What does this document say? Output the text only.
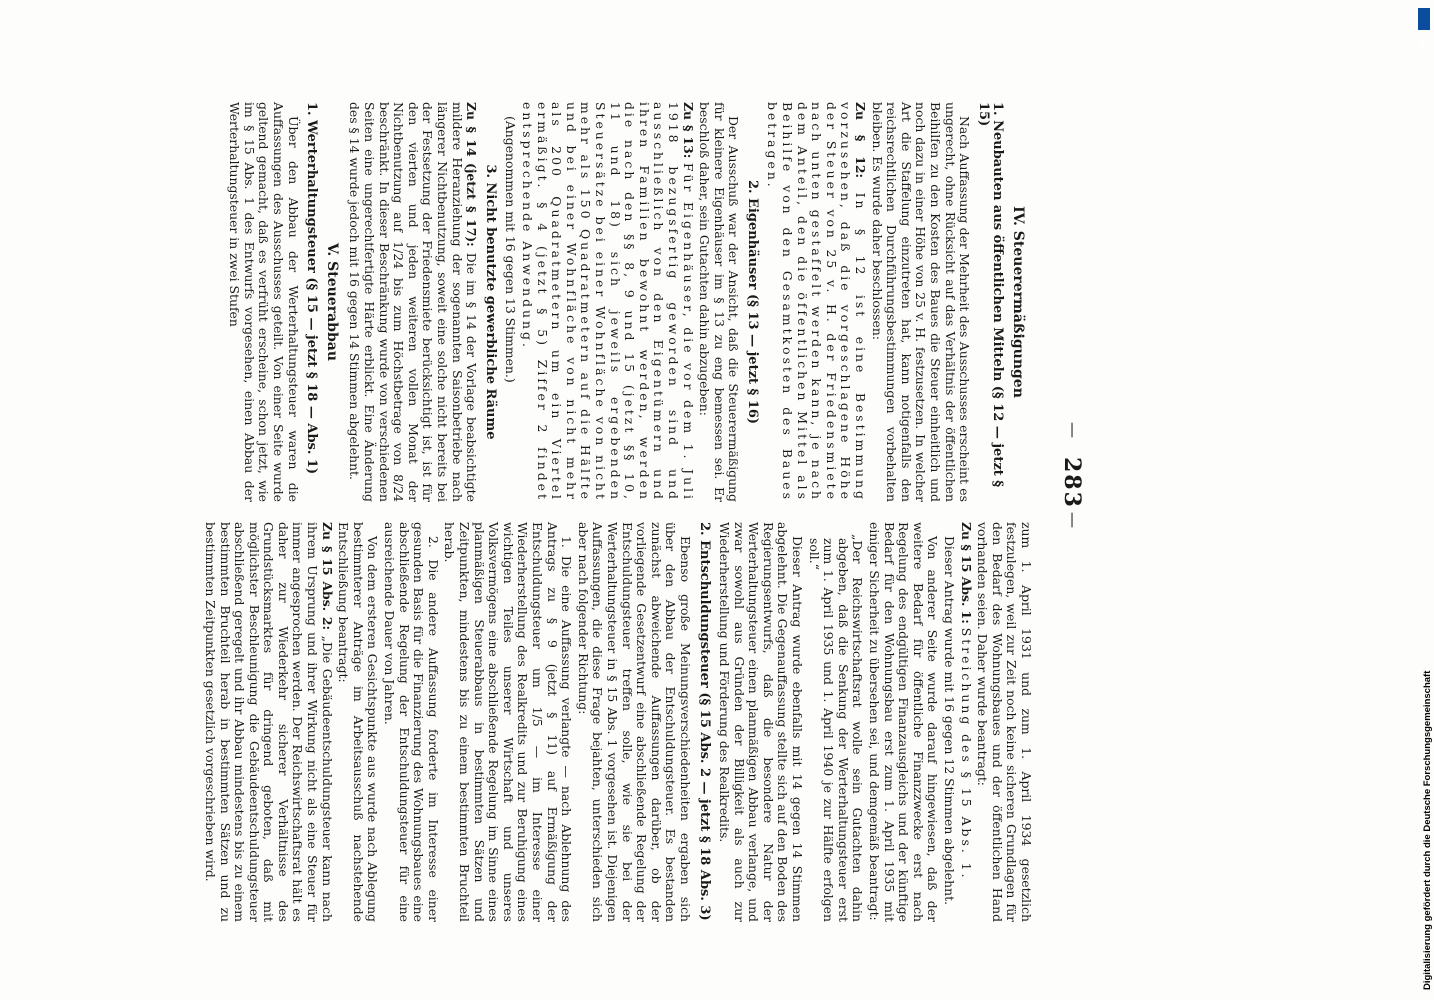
—
283
—
IV. Steuerermäßigungen
1. Neubauten aus öffentlichen Mitteln (§ 12 — jetzt § 15)

Nach Auffassung der Mehrheit des Ausschusses erscheint es ungerecht, ohne Rücksicht auf das Verhältnis der öffentlichen Beihilfen zu den Kosten des Baues die Steuer einheitlich und noch dazu in einer Höhe von 25 v. H. festzusetzen. In welcher Art die Staffelung einzutreten hat, kann notigenfalls den reichsrechtlichen Durchführungsbestimmungen vorbehalten bleiben. Es wurde daher beschlossen:

Zu § 12: In § 12 ist eine Bestimmung vorzusehen, daß die vorgeschlagene Höhe der Steuer von 25 v. H. der Friedensmiete nach unten gestaffelt werden kann, je nach dem Anteil, den die öffentlichen Mittel als Beihilfe von den Gesamtkosten des Baues betragen.

2. Eigenhäuser (§ 13 — jetzt § 16)

Der Ausschuß war der Ansicht, daß die Steuerermäßigung für kleinere Eigenhäuser im § 13 zu eng bemessen sei. Er beschloß daher, sein Gutachten dahin abzugeben:

Zu § 13: Für Eigenhäuser, die vor dem 1. Juli 1918 bezugsfertig geworden sind und ausschließlich von den Eigentümern und ihren Familien bewohnt werden, werden die nach den §§ 8, 9 und 15 (jetzt §§ 10, 11 und 18) sich jeweils ergebenden Steuersätze bei einer Wohnfläche von nicht mehr als 150 Quadratmetern auf die Hälfte und bei einer Wohnfläche von nicht mehr als 200 Quadratmetern um ein Viertel ermäßigt. § 4 (jetzt § 5) Ziffer 2 findet entsprechende Anwendung.

(Angenommen mit 16 gegen 13 Stimmen.)

3. Nicht benutzte gewerbliche Räume

Zu § 14 (jetzt § 17): Die im § 14 der Vorlage beabsichtigte mildere Heranziehung der sogenannten Saisonbetriebe nach längerer Nichtbenutzung, soweit eine solche nicht bereits bei der Festsetzung der Friedensmiete berücksichtigt ist, ist für den vierten und jeden weiteren vollen Monat der Nichtbenutzung auf 1/24 bis zum Höchstbetrage von 8/24 beschränkt. In dieser Beschränkung wurde von verschiedenen Seiten eine ungerechtfertigte Härte erblickt. Eine Änderung des § 14 wurde jedoch mit 16 gegen 14 Stimmen abgelehnt.

V. Steuerabbau
1. Werterhaltungsteuer (§ 15 — jetzt § 18 — Abs. 1)

Über den Abbau der Werterhaltungsteuer waren die Auffassungen des Ausschusses geteilt. Von einer Seite wurde geltend gemacht, daß es verfrüht erscheine, schon jetzt, wie im § 15 Abs. 1 des Entwurfs vorgesehen, einen Abbau der Werterhaltungsteuer in zwei Stufen

zum 1. April 1931 und zum 1. April 1934 gesetzlich festzulegen, weil zur Zeit noch keine sicheren Grundlagen für den Bedarf des Wohnungsbaues und der öffentlichen Hand vorhanden seien. Daher wurde beantragt:

Zu § 15 Abs. 1: Streichung des § 15 Abs. 1.

Dieser Antrag wurde mit 16 gegen 12 Stimmen abgelehnt.

Von anderer Seite wurde darauf hingewiesen, daß der weitere Bedarf für öffentliche Finanzzwecke erst nach Regelung des endgültigen Finanzausgleichs und der künftige Bedarf für den Wohnungsbau erst zum 1. April 1935 mit einiger Sicherheit zu übersehen sei, und demgemäß beantragt:

„Der Reichswirtschaftsrat wolle sein Gutachten dahin abgeben, daß die Senkung der Werterhaltungsteuer erst zum 1. April 1935 und 1. April 1940 je zur Hälfte erfolgen soll.“

Dieser Antrag wurde ebenfalls mit 14 gegen 14 Stimmen abgelehnt. Die Gegenauffassung stellte sich auf den Boden des Regierungsentwurfs, daß die besondere Natur der Werterhaltungsteuer einen planmäßigen Abbau verlange, und zwar sowohl aus Gründen der Billigkeit als auch zur Wiederherstellung und Förderung des Realkredits.

2. Entschuldungsteuer (§ 15 Abs. 2 — jetzt § 18 Abs. 3)

Ebenso große Meinungsverschiedenheiten ergaben sich über den Abbau der Entschuldungsteuer. Es bestanden zunächst abweichende Auffassungen darüber, ob der vorliegende Gesetzentwurf eine abschließende Regelung der Entschuldungsteuer treffen solle, wie sie bei der Werterhaltungsteuer in § 15 Abs. 1 vorgesehen ist. Diejenigen Auffassungen, die diese Frage bejahten, unterschieden sich aber nach folgender Richtung:

1. Die eine Auffassung verlangte — nach Ablehnung des Antrags zu § 9 (jetzt § 11) auf Ermäßigung der Entschuldungsteuer um 1/5 — im Interesse einer Wiederherstellung des Realkredits und zur Beruhigung eines wichtigen Teiles unserer Wirtschaft und unseres Volksvermögens eine abschließende Regelung im Sinne eines planmäßigen Steuerabbaus in bestimmten Sätzen und Zeitpunkten, mindestens bis zu einem bestimmten Bruchteil herab.

2. Die andere Auffassung forderte im Interesse einer gesunden Basis für die Finanzierung des Wohnungsbaues eine abschließende Regelung der Entschuldungsteuer für eine ausreichende Dauer von Jahren.

Von dem ersteren Gesichtspunkte aus wurde nach Ablegung bestimmterer Anträge im Arbeitsausschuß nachstehende Entschließung beantragt:

Zu § 15 Abs. 2: „Die Gebäudeentschuldungsteuer kann nach ihrem Ursprung und ihrer Wirkung nicht als eine Steuer für immer angesprochen werden. Der Reichswirtschaftsrat hält es daher zur Wiederkehr sicherer Verhältnisse des Grundstücksmarktes für dringend geboten, daß mit möglichster Beschleunigung die Gebäudeentschuldungsteuer abschließend geregelt und ihr Abbau mindestens bis zu einem bestimmten Bruchteil herab in bestimmten Sätzen und zu bestimmten Zeitpunkten gesetzlich vorgeschrieben wird.

DFG
Digitalisierung gefördert durch die Deutsche Forschungsgemeinschaft
